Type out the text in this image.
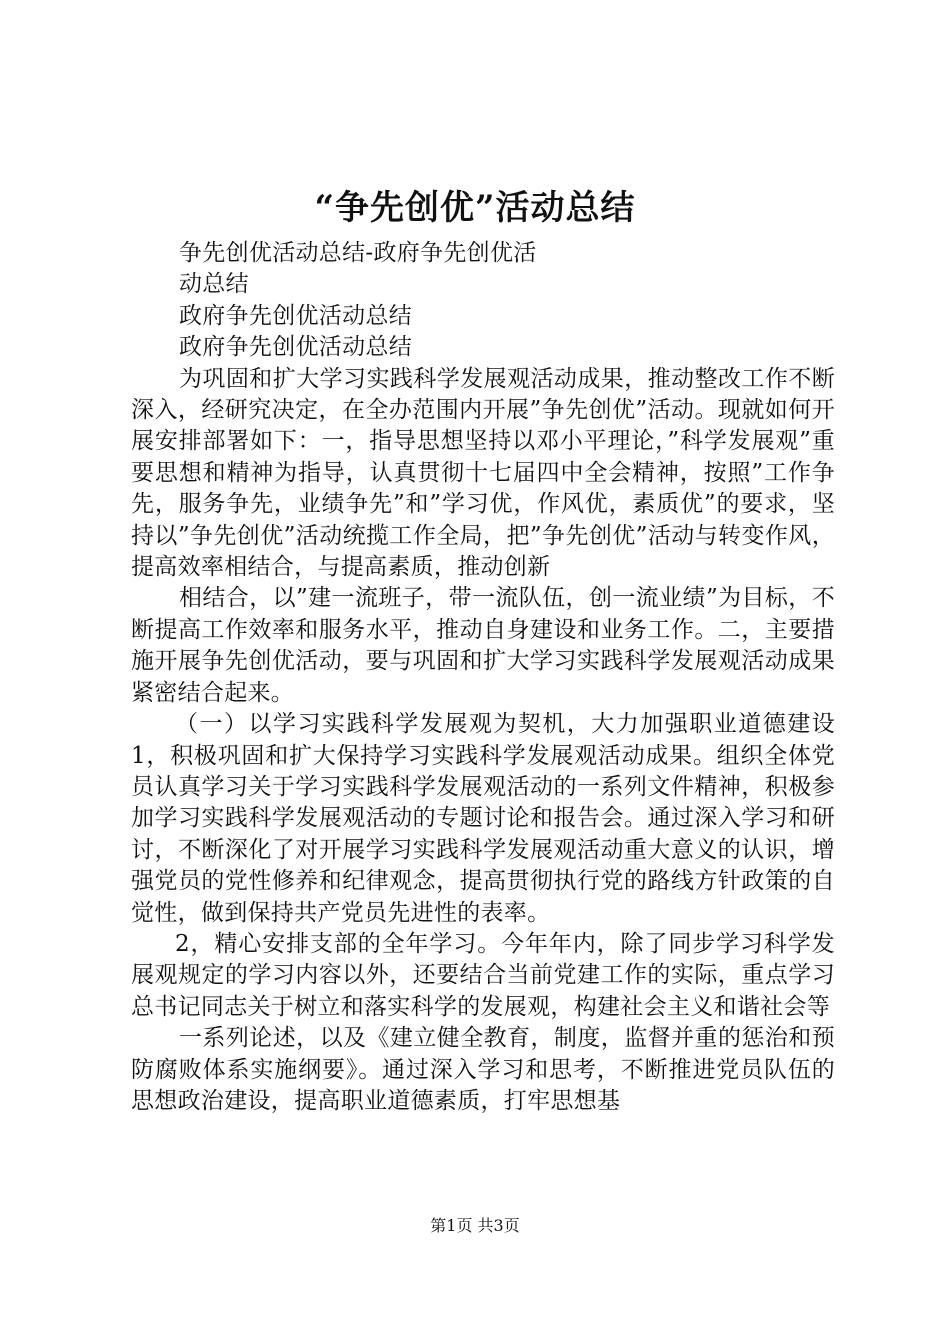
“争先创优”活动总结

争先创优活动总结-政府争先创优活

动总结

政府争先创优活动总结

政府争先创优活动总结

为巩固和扩大学习实践科学发展观活动成果，推动整改工作不断深入，经研究决定，在全办范围内开展”争先创优”活动。现就如何开展安排部署如下：一，指导思想坚持以邓小平理论，”科学发展观”重要思想和精神为指导，认真贯彻十七届四中全会精神，按照”工作争先，服务争先，业绩争先”和”学习优，作风优，素质优”的要求，坚持以”争先创优”活动统揽工作全局，把”争先创优”活动与转变作风，提高效率相结合，与提高素质，推动创新

相结合，以”建一流班子，带一流队伍，创一流业绩”为目标，不断提高工作效率和服务水平，推动自身建设和业务工作。二，主要措施开展争先创优活动，要与巩固和扩大学习实践科学发展观活动成果紧密结合起来。

（一）以学习实践科学发展观为契机，大力加强职业道德建设1，积极巩固和扩大保持学习实践科学发展观活动成果。组织全体党员认真学习关于学习实践科学发展观活动的一系列文件精神，积极参加学习实践科学发展观活动的专题讨论和报告会。通过深入学习和研讨，不断深化了对开展学习实践科学发展观活动重大意义的认识，增强党员的党性修养和纪律观念，提高贯彻执行党的路线方针政策的自觉性，做到保持共产党员先进性的表率。

2，精心安排支部的全年学习。今年年内，除了同步学习科学发展观规定的学习内容以外，还要结合当前党建工作的实际，重点学习总书记同志关于树立和落实科学的发展观，构建社会主义和谐社会等

一系列论述，以及《建立健全教育，制度，监督并重的惩治和预防腐败体系实施纲要》。通过深入学习和思考，不断推进党员队伍的思想政治建设，提高职业道德素质，打牢思想基

第1页 共3页
